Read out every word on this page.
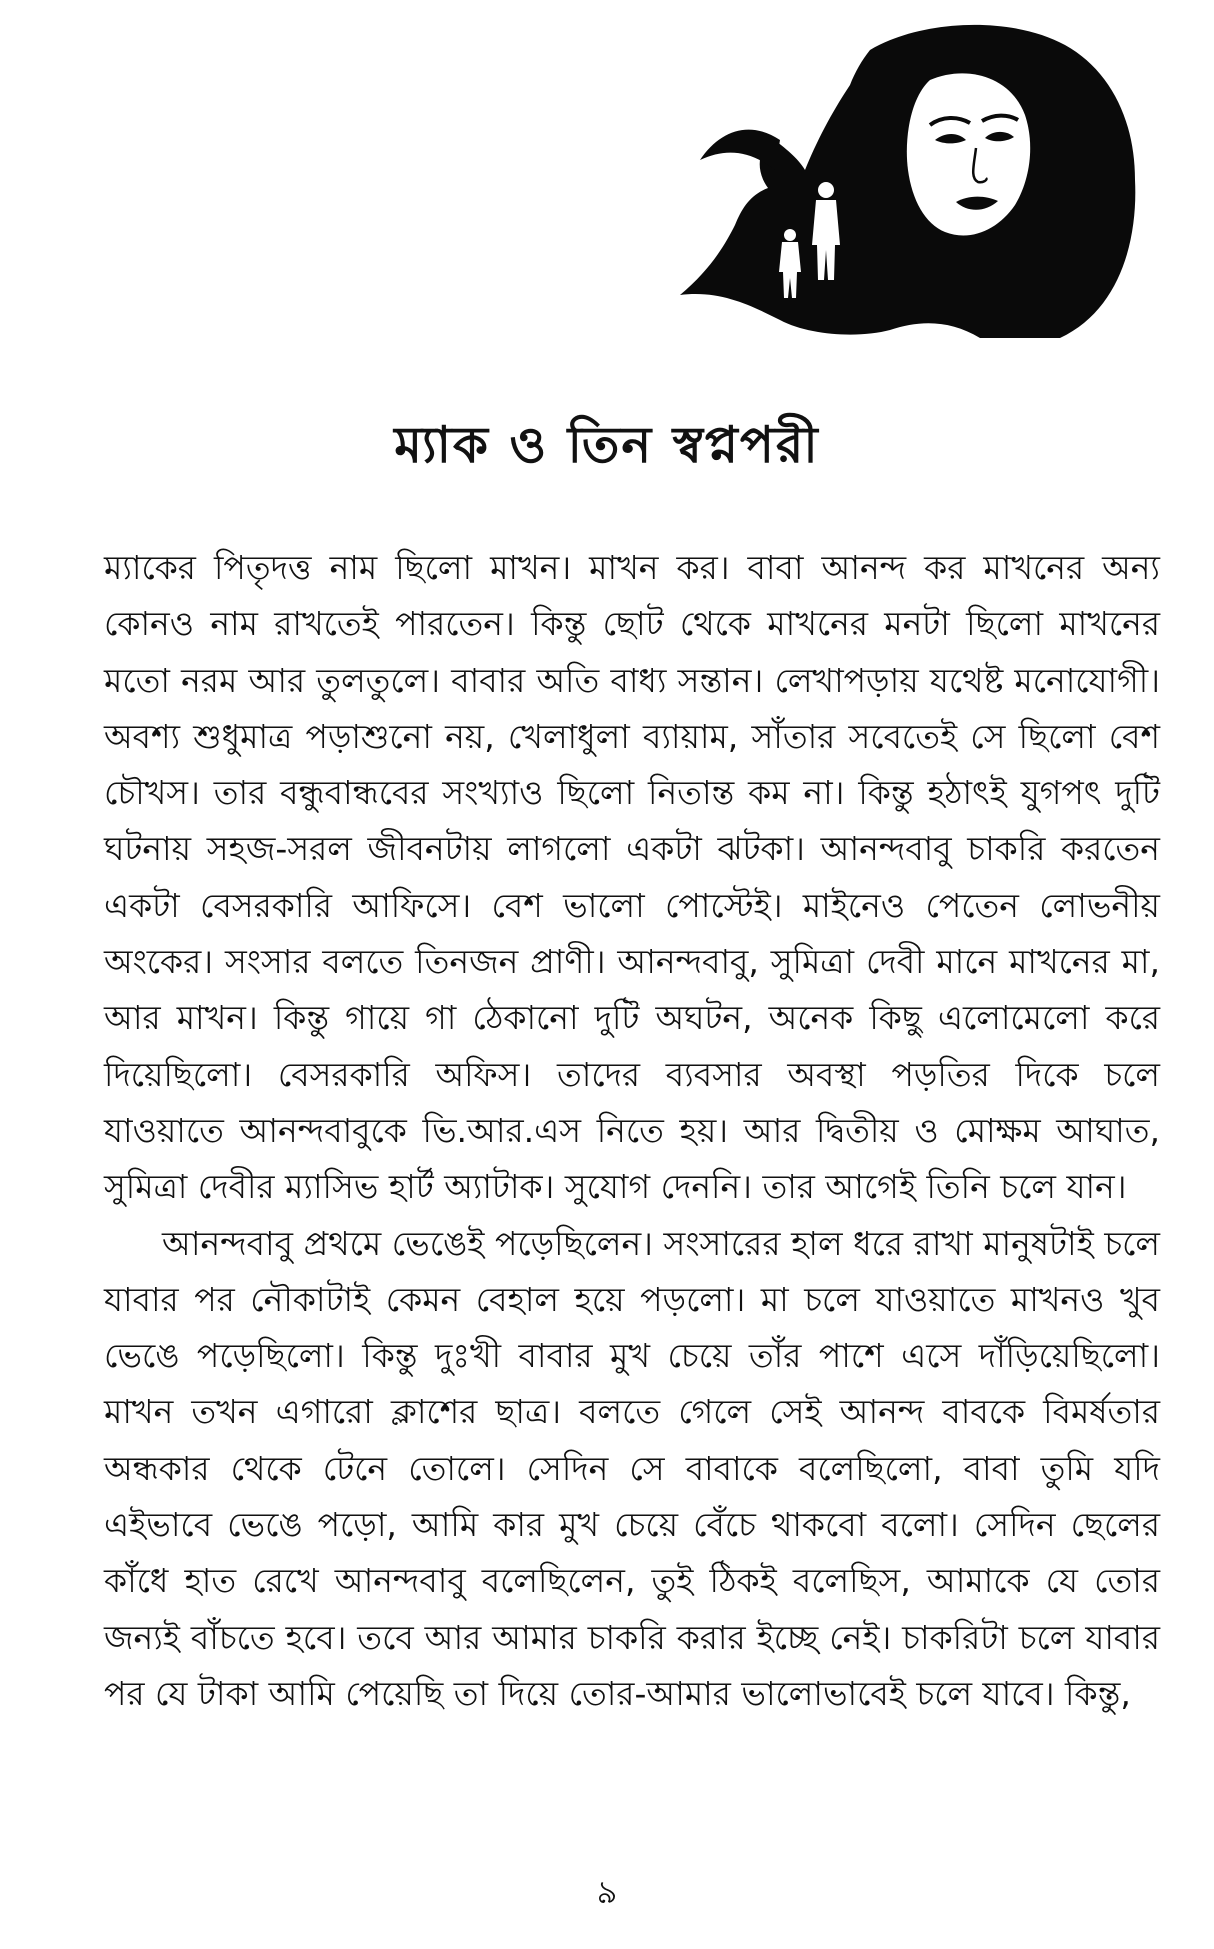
ম্যাক ও তিন স্বপ্নপরী

ম্যাকের পিতৃদত্ত নাম ছিলো মাখন। মাখন কর। বাবা আনন্দ কর মাখনের অন্য কোনও নাম রাখতেই পারতেন। কিন্তু ছোট থেকে মাখনের মনটা ছিলো মাখনের মতো নরম আর তুলতুলে। বাবার অতি বাধ্য সন্তান। লেখাপড়ায় যথেষ্ট মনোযোগী। অবশ্য শুধুমাত্র পড়াশুনো নয়, খেলাধুলা ব্যায়াম, সাঁতার সবেতেই সে ছিলো বেশ চৌখস। তার বন্ধুবান্ধবের সংখ্যাও ছিলো নিতান্ত কম না। কিন্তু হঠাৎই যুগপৎ দুটি ঘটনায় সহজ-সরল জীবনটায় লাগলো একটা ঝটকা। আনন্দবাবু চাকরি করতেন একটা বেসরকারি আফিসে। বেশ ভালো পোস্টেই। মাইনেও পেতেন লোভনীয় অংকের। সংসার বলতে তিনজন প্রাণী। আনন্দবাবু, সুমিত্রা দেবী মানে মাখনের মা, আর মাখন। কিন্তু গায়ে গা ঠেকানো দুটি অঘটন, অনেক কিছু এলোমেলো করে দিয়েছিলো। বেসরকারি অফিস। তাদের ব্যবসার অবস্থা পড়তির দিকে চলে যাওয়াতে আনন্দবাবুকে ভি.আর.এস নিতে হয়। আর দ্বিতীয় ও মোক্ষম আঘাত, সুমিত্রা দেবীর ম্যাসিভ হার্ট অ্যাটাক। সুযোগ দেননি। তার আগেই তিনি চলে যান।

আনন্দবাবু প্রথমে ভেঙেই পড়েছিলেন। সংসারের হাল ধরে রাখা মানুষটাই চলে যাবার পর নৌকাটাই কেমন বেহাল হয়ে পড়লো। মা চলে যাওয়াতে মাখনও খুব ভেঙে পড়েছিলো। কিন্তু দুঃখী বাবার মুখ চেয়ে তাঁর পাশে এসে দাঁড়িয়েছিলো। মাখন তখন এগারো ক্লাশের ছাত্র। বলতে গেলে সেই আনন্দ বাবকে বিমর্ষতার অন্ধকার থেকে টেনে তোলে। সেদিন সে বাবাকে বলেছিলো, বাবা তুমি যদি এইভাবে ভেঙে পড়ো, আমি কার মুখ চেয়ে বেঁচে থাকবো বলো। সেদিন ছেলের কাঁধে হাত রেখে আনন্দবাবু বলেছিলেন, তুই ঠিকই বলেছিস, আমাকে যে তোর জন্যই বাঁচতে হবে। তবে আর আমার চাকরি করার ইচ্ছে নেই। চাকরিটা চলে যাবার পর যে টাকা আমি পেয়েছি তা দিয়ে তোর-আমার ভালোভাবেই চলে যাবে। কিন্তু,

৯
